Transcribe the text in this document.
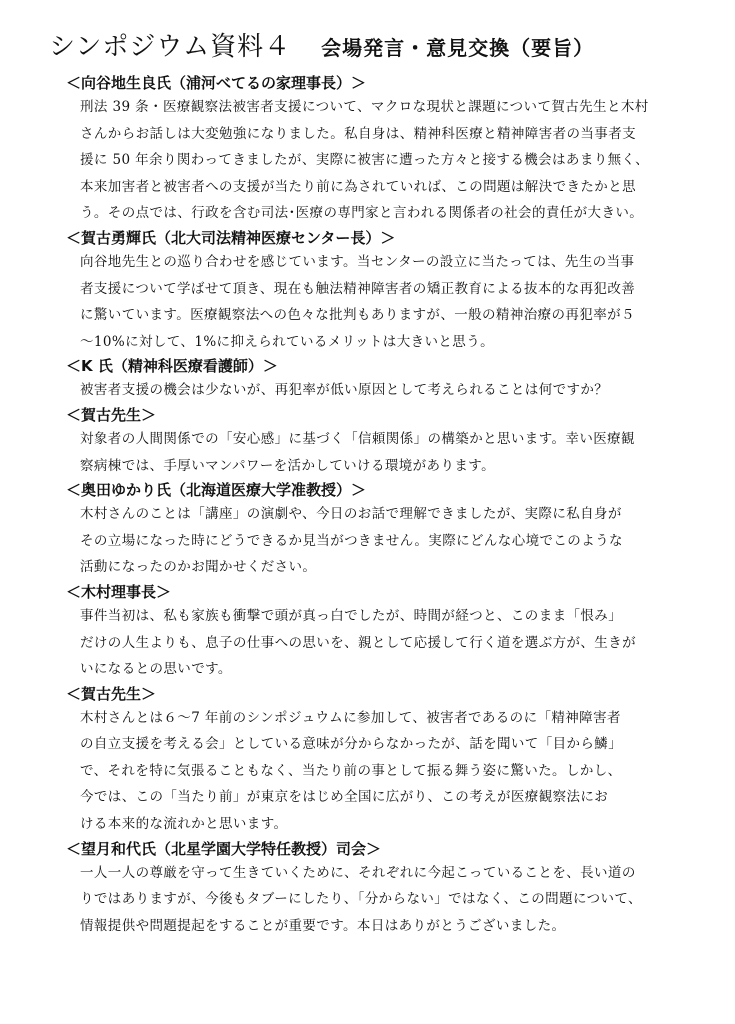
シンポジウム資料４ 会場発言・意見交換（要旨）
＜向谷地生良氏（浦河べてるの家理事長）＞
刑法 39 条・医療観察法被害者支援について、マクロな現状と課題について賀古先生と木村
さんからお話しは大変勉強になりました。私自身は、精神科医療と精神障害者の当事者支
援に 50 年余り関わってきましたが、実際に被害に遭った方々と接する機会はあまり無く、
本来加害者と被害者への支援が当たり前に為されていれば、この問題は解決できたかと思
う。その点では、行政を含む司法･医療の専門家と言われる関係者の社会的責任が大きい。
＜賀古勇輝氏（北大司法精神医療センター長）＞
向谷地先生との巡り合わせを感じています。当センターの設立に当たっては、先生の当事
者支援について学ばせて頂き、現在も触法精神障害者の矯正教育による抜本的な再犯改善
に驚いています。医療観察法への色々な批判もありますが、一般の精神治療の再犯率が５
～10%に対して、1%に抑えられているメリットは大きいと思う。
＜K 氏（精神科医療看護師）＞
被害者支援の機会は少ないが、再犯率が低い原因として考えられることは何ですか？
＜賀古先生＞
対象者の人間関係での「安心感」に基づく「信頼関係」の構築かと思います。幸い医療観
察病棟では、手厚いマンパワーを活かしていける環境があります。
＜奥田ゆかり氏（北海道医療大学准教授）＞
木村さんのことは「講座」の演劇や、今日のお話で理解できましたが、実際に私自身が
その立場になった時にどうできるか見当がつきません。実際にどんな心境でこのような
活動になったのかお聞かせください。
＜木村理事長＞
事件当初は、私も家族も衝撃で頭が真っ白でしたが、時間が経つと、このまま「恨み」
だけの人生よりも、息子の仕事への思いを、親として応援して行く道を選ぶ方が、生きが
いになるとの思いです。
＜賀古先生＞
木村さんとは６～7 年前のシンポジュウムに参加して、被害者であるのに「精神障害者
の自立支援を考える会」としている意味が分からなかったが、話を聞いて「目から鱗」
で、それを特に気張ることもなく、当たり前の事として振る舞う姿に驚いた。しかし、
今では、この「当たり前」が東京をはじめ全国に広がり、この考えが医療観察法にお
ける本来的な流れかと思います。
＜望月和代氏（北星学園大学特任教授）司会＞
一人一人の尊厳を守って生きていくために、それぞれに今起こっていることを、長い道の
りではありますが、今後もタブーにしたり、「分からない」ではなく、この問題について、
情報提供や問題提起をすることが重要です。本日はありがとうございました。
